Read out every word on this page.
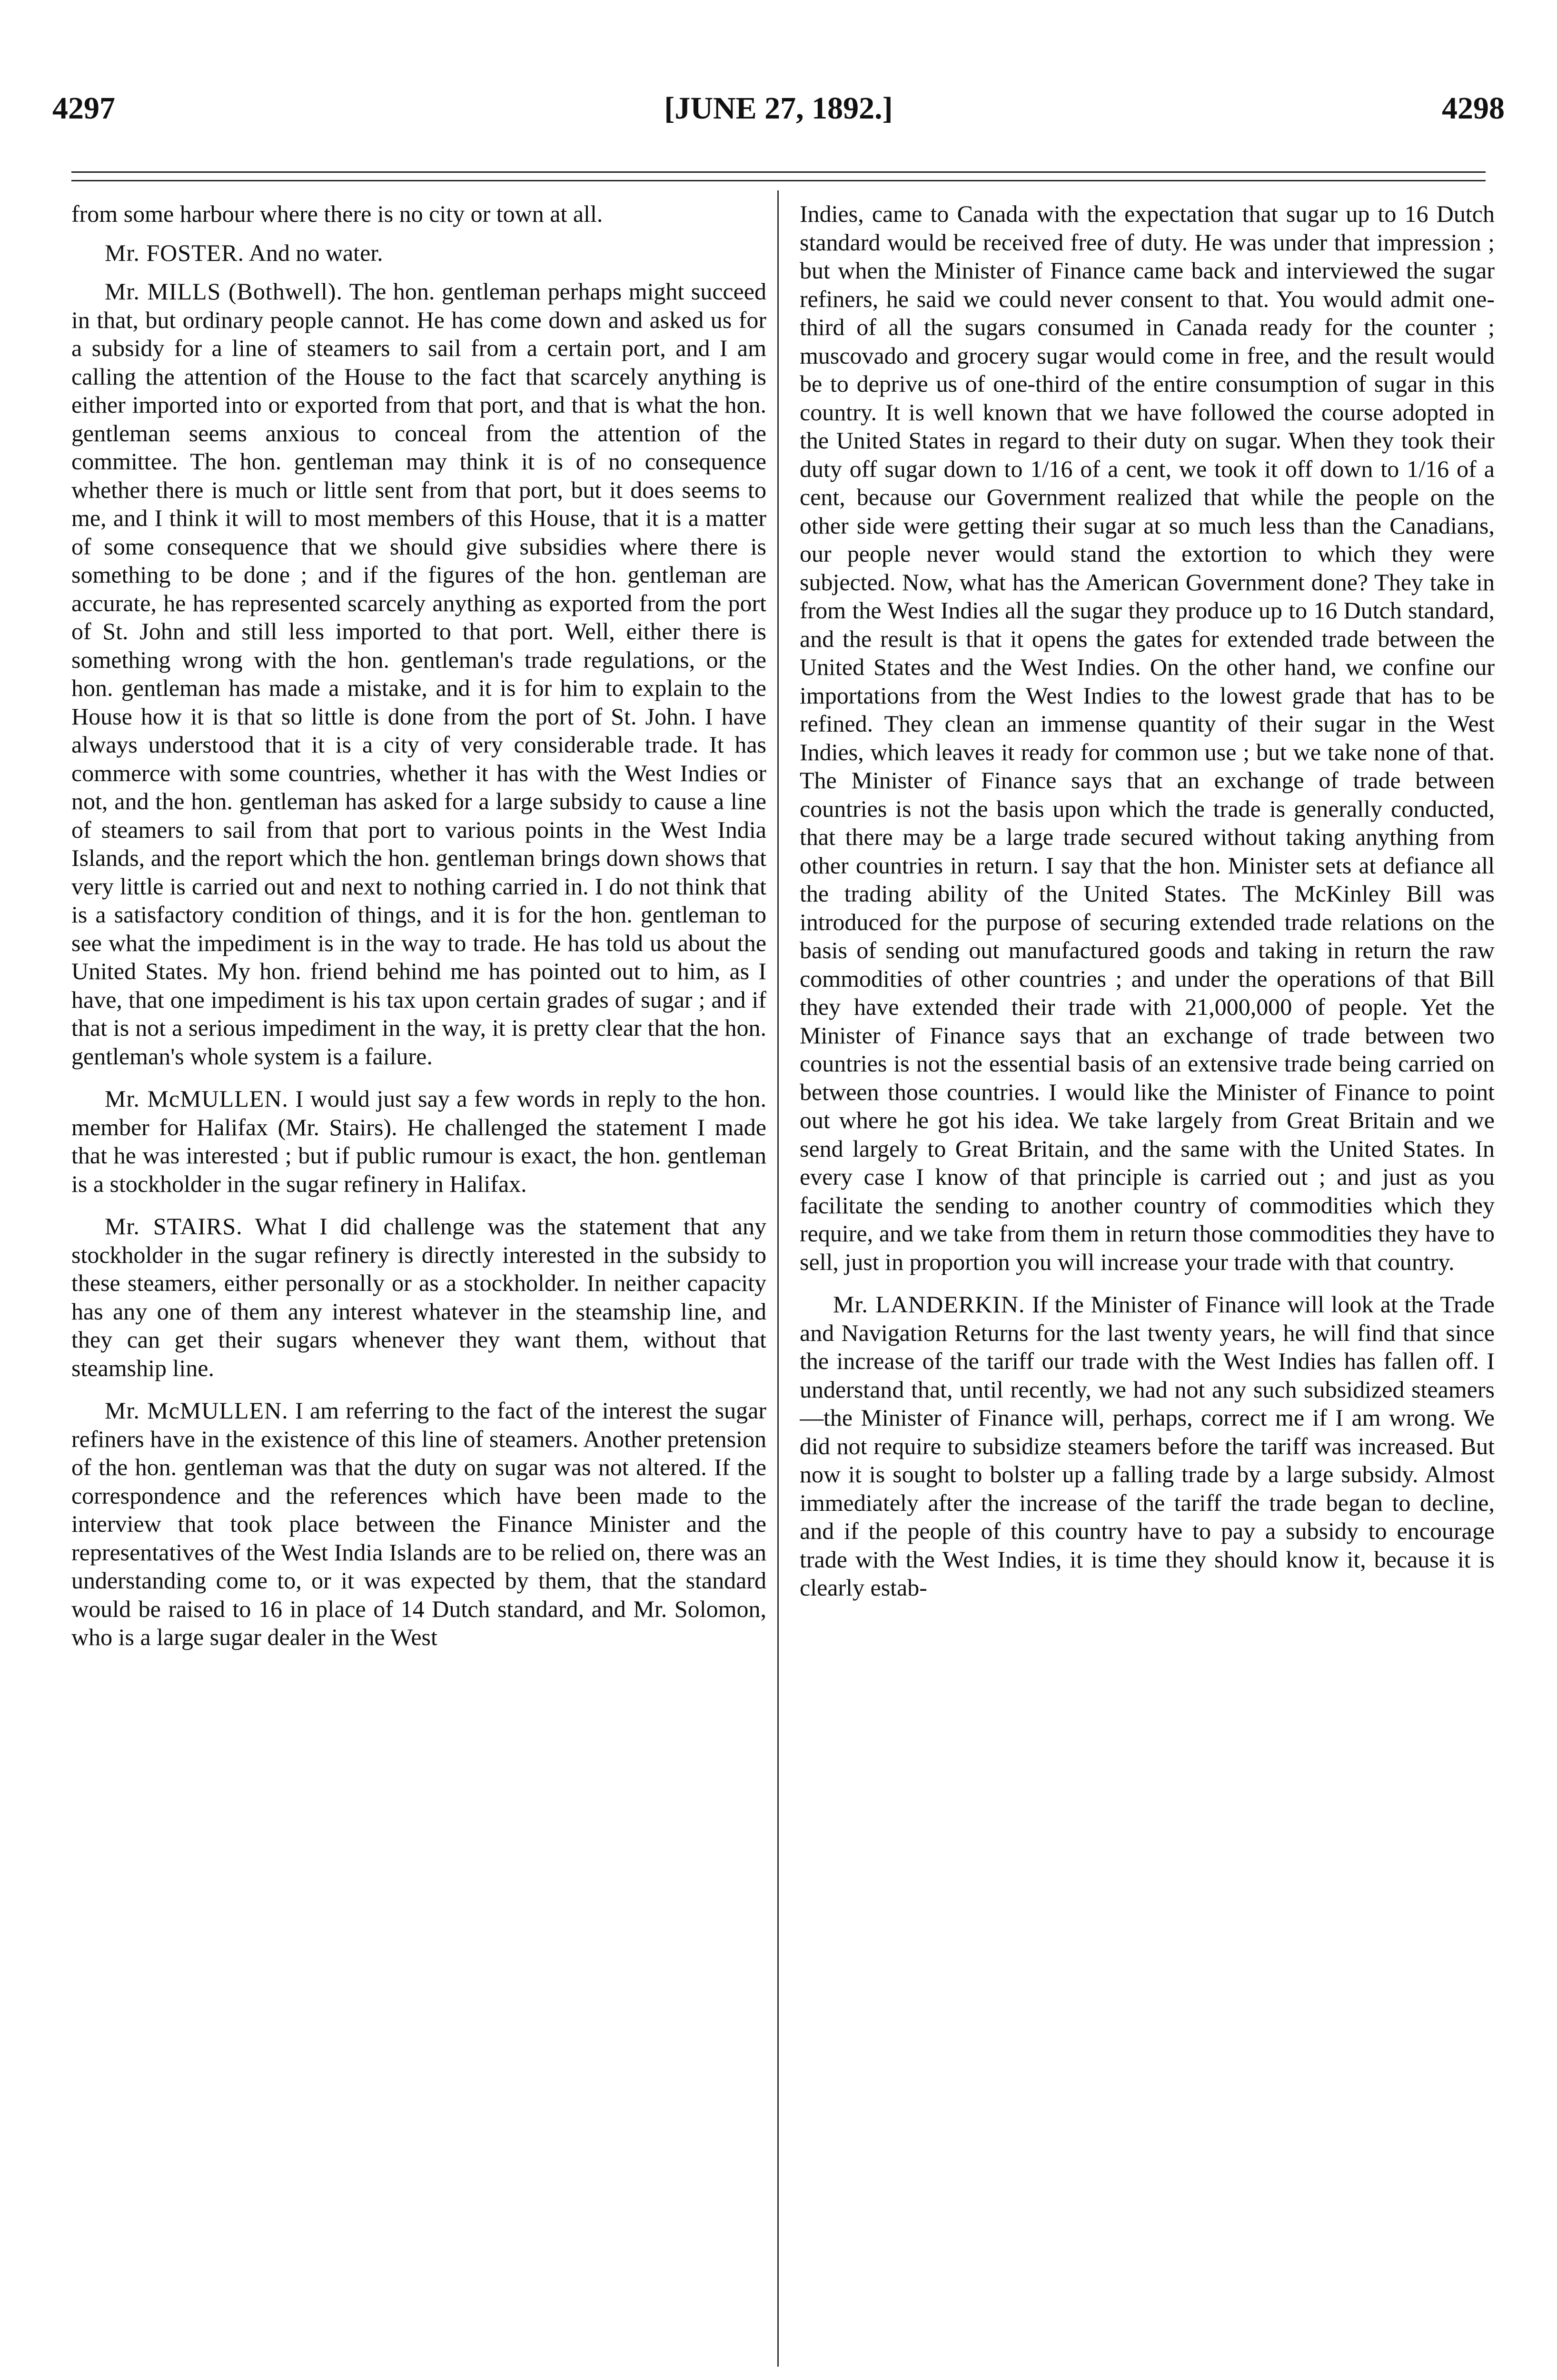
4297	[JUNE 27, 1892.]	4298

from some harbour where there is no city or town at all.

Mr. FOSTER. And no water.

Mr. MILLS (Bothwell). The hon. gentleman perhaps might succeed in that, but ordinary people cannot. He has come down and asked us for a subsidy for a line of steamers to sail from a certain port, and I am calling the attention of the House to the fact that scarcely anything is either imported into or exported from that port, and that is what the hon. gentleman seems anxious to conceal from the attention of the committee. The hon. gentleman may think it is of no consequence whether there is much or little sent from that port, but it does seems to me, and I think it will to most members of this House, that it is a matter of some consequence that we should give subsidies where there is something to be done ; and if the figures of the hon. gentleman are accurate, he has represented scarcely anything as exported from the port of St. John and still less imported to that port. Well, either there is something wrong with the hon. gentleman's trade regulations, or the hon. gentleman has made a mistake, and it is for him to explain to the House how it is that so little is done from the port of St. John. I have always understood that it is a city of very considerable trade. It has commerce with some countries, whether it has with the West Indies or not, and the hon. gentleman has asked for a large subsidy to cause a line of steamers to sail from that port to various points in the West India Islands, and the report which the hon. gentleman brings down shows that very little is carried out and next to nothing carried in. I do not think that is a satisfactory condition of things, and it is for the hon. gentleman to see what the impediment is in the way to trade. He has told us about the United States. My hon. friend behind me has pointed out to him, as I have, that one impediment is his tax upon certain grades of sugar ; and if that is not a serious impediment in the way, it is pretty clear that the hon. gentleman's whole system is a failure.

Mr. McMULLEN. I would just say a few words in reply to the hon. member for Halifax (Mr. Stairs). He challenged the statement I made that he was interested ; but if public rumour is exact, the hon. gentleman is a stockholder in the sugar refinery in Halifax.

Mr. STAIRS. What I did challenge was the statement that any stockholder in the sugar refinery is directly interested in the subsidy to these steamers, either personally or as a stockholder. In neither capacity has any one of them any interest whatever in the steamship line, and they can get their sugars whenever they want them, without that steamship line.

Mr. McMULLEN. I am referring to the fact of the interest the sugar refiners have in the existence of this line of steamers. Another pretension of the hon. gentleman was that the duty on sugar was not altered. If the correspondence and the references which have been made to the interview that took place between the Finance Minister and the representatives of the West India Islands are to be relied on, there was an understanding come to, or it was expected by them, that the standard would be raised to 16 in place of 14 Dutch standard, and Mr. Solomon, who is a large sugar dealer in the West

Indies, came to Canada with the expectation that sugar up to 16 Dutch standard would be received free of duty. He was under that impression ; but when the Minister of Finance came back and interviewed the sugar refiners, he said we could never consent to that. You would admit one-third of all the sugars consumed in Canada ready for the counter ; muscovado and grocery sugar would come in free, and the result would be to deprive us of one-third of the entire consumption of sugar in this country. It is well known that we have followed the course adopted in the United States in regard to their duty on sugar. When they took their duty off sugar down to 1/16 of a cent, we took it off down to 1/16 of a cent, because our Government realized that while the people on the other side were getting their sugar at so much less than the Canadians, our people never would stand the extortion to which they were subjected. Now, what has the American Government done? They take in from the West Indies all the sugar they produce up to 16 Dutch standard, and the result is that it opens the gates for extended trade between the United States and the West Indies. On the other hand, we confine our importations from the West Indies to the lowest grade that has to be refined. They clean an immense quantity of their sugar in the West Indies, which leaves it ready for common use ; but we take none of that. The Minister of Finance says that an exchange of trade between countries is not the basis upon which the trade is generally conducted, that there may be a large trade secured without taking anything from other countries in return. I say that the hon. Minister sets at defiance all the trading ability of the United States. The McKinley Bill was introduced for the purpose of securing extended trade relations on the basis of sending out manufactured goods and taking in return the raw commodities of other countries ; and under the operations of that Bill they have extended their trade with 21,000,000 of people. Yet the Minister of Finance says that an exchange of trade between two countries is not the essential basis of an extensive trade being carried on between those countries. I would like the Minister of Finance to point out where he got his idea. We take largely from Great Britain and we send largely to Great Britain, and the same with the United States. In every case I know of that principle is carried out ; and just as you facilitate the sending to another country of commodities which they require, and we take from them in return those commodities they have to sell, just in proportion you will increase your trade with that country.

Mr. LANDERKIN. If the Minister of Finance will look at the Trade and Navigation Returns for the last twenty years, he will find that since the increase of the tariff our trade with the West Indies has fallen off. I understand that, until recently, we had not any such subsidized steamers—the Minister of Finance will, perhaps, correct me if I am wrong. We did not require to subsidize steamers before the tariff was increased. But now it is sought to bolster up a falling trade by a large subsidy. Almost immediately after the increase of the tariff the trade began to decline, and if the people of this country have to pay a subsidy to encourage trade with the West Indies, it is time they should know it, because it is clearly estab-
